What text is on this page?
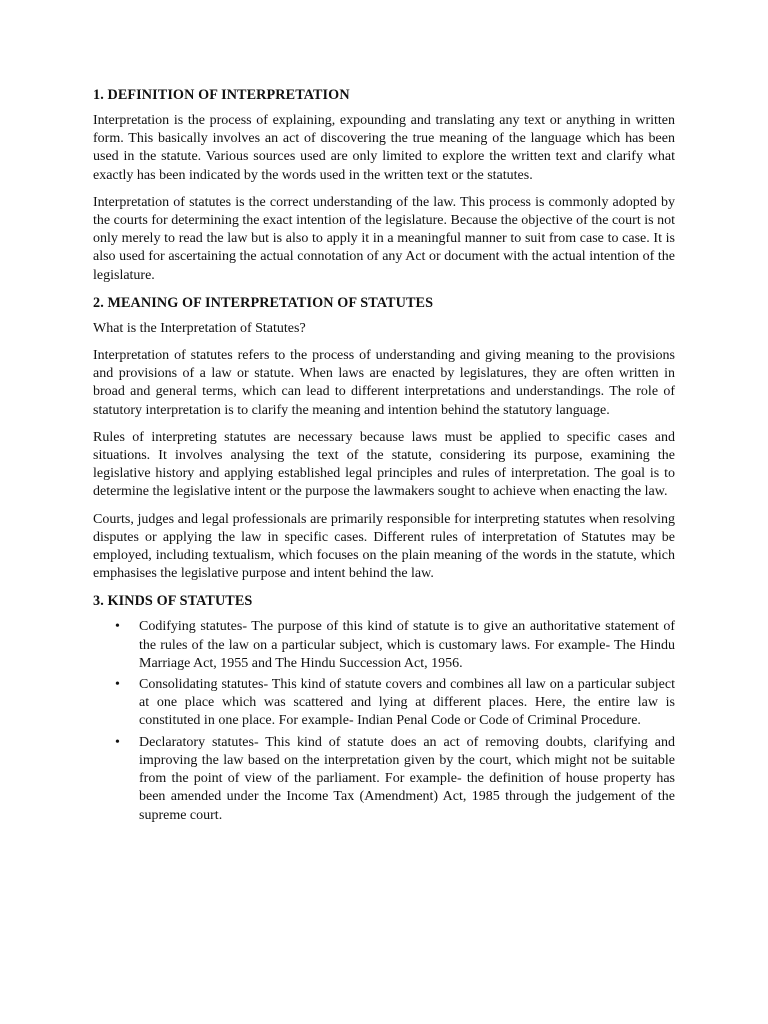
1. DEFINITION OF INTERPRETATION

Interpretation is the process of explaining, expounding and translating any text or anything in written form. This basically involves an act of discovering the true meaning of the language which has been used in the statute. Various sources used are only limited to explore the written text and clarify what exactly has been indicated by the words used in the written text or the statutes.

Interpretation of statutes is the correct understanding of the law. This process is commonly adopted by the courts for determining the exact intention of the legislature. Because the objective of the court is not only merely to read the law but is also to apply it in a meaningful manner to suit from case to case. It is also used for ascertaining the actual connotation of any Act or document with the actual intention of the legislature.

2. MEANING OF INTERPRETATION OF STATUTES

What is the Interpretation of Statutes?

Interpretation of statutes refers to the process of understanding and giving meaning to the provisions and provisions of a law or statute. When laws are enacted by legislatures, they are often written in broad and general terms, which can lead to different interpretations and understandings. The role of statutory interpretation is to clarify the meaning and intention behind the statutory language.

Rules of interpreting statutes are necessary because laws must be applied to specific cases and situations. It involves analysing the text of the statute, considering its purpose, examining the legislative history and applying established legal principles and rules of interpretation. The goal is to determine the legislative intent or the purpose the lawmakers sought to achieve when enacting the law.

Courts, judges and legal professionals are primarily responsible for interpreting statutes when resolving disputes or applying the law in specific cases. Different rules of interpretation of Statutes may be employed, including textualism, which focuses on the plain meaning of the words in the statute, which emphasises the legislative purpose and intent behind the law.

3. KINDS OF STATUTES
• Codifying statutes- The purpose of this kind of statute is to give an authoritative statement of the rules of the law on a particular subject, which is customary laws. For example- The Hindu Marriage Act, 1955 and The Hindu Succession Act, 1956.
• Consolidating statutes- This kind of statute covers and combines all law on a particular subject at one place which was scattered and lying at different places. Here, the entire law is constituted in one place. For example- Indian Penal Code or Code of Criminal Procedure.
• Declaratory statutes- This kind of statute does an act of removing doubts, clarifying and improving the law based on the interpretation given by the court, which might not be suitable from the point of view of the parliament. For example- the definition of house property has been amended under the Income Tax (Amendment) Act, 1985 through the judgement of the supreme court.
